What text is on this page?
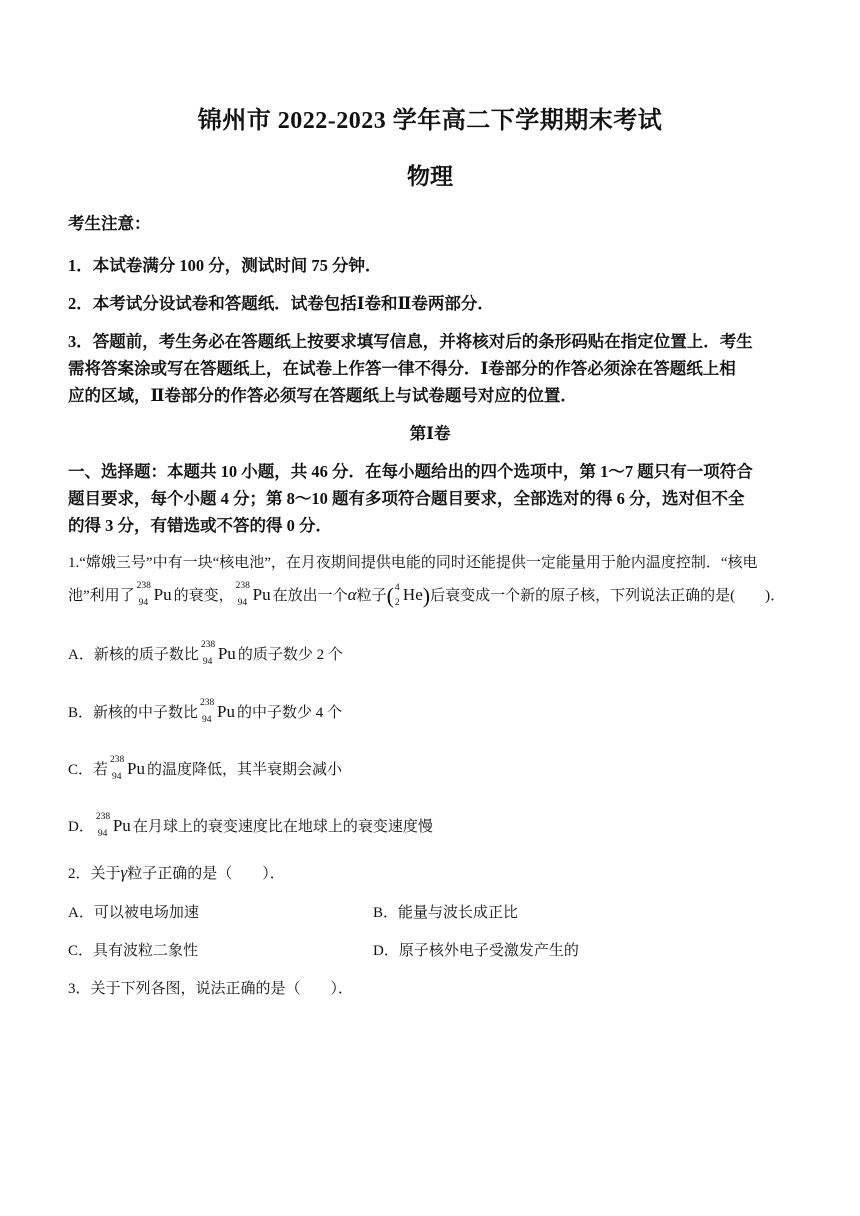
锦州市 2022-2023 学年高二下学期期末考试
物理
考生注意：
1．本试卷满分 100 分，测试时间 75 分钟．
2．本考试分设试卷和答题纸．试卷包括Ⅰ卷和Ⅱ卷两部分．
3．答题前，考生务必在答题纸上按要求填写信息，并将核对后的条形码贴在指定位置上．考生
需将答案涂或写在答题纸上，在试卷上作答一律不得分．Ⅰ卷部分的作答必须涂在答题纸上相
应的区域，Ⅱ卷部分的作答必须写在答题纸上与试卷题号对应的位置．
第Ⅰ卷
一、选择题：本题共 10 小题，共 46 分．在每小题给出的四个选项中，第 1～7 题只有一项符合
题目要求，每个小题 4 分；第 8～10 题有多项符合题目要求，全部选对的得 6 分，选对但不全
的得 3 分，有错选或不答的得 0 分．
1.“嫦娥三号”中有一块“核电池”，在月夜期间提供电能的同时还能提供一定能量用于舱内温度控制．“核电
池”利用了
238
94 Pu 的衰变，
238
94 Pu 在放出一个α粒子( 4
2 He)后衰变成一个新的原子核，下列说法正确的是(　　)．
A．新核的质子数比
238
94 Pu 的质子数少 2 个
B．新核的中子数比
238
94 Pu 的中子数少 4 个
C．若
238
94 Pu 的温度降低，其半衰期会减小
D．
238
94 Pu 在月球上的衰变速度比在地球上的衰变速度慢
2．关于γ粒子正确的是（　　）．
A．可以被电场加速	B．能量与波长成正比
C．具有波粒二象性	D．原子核外电子受激发产生的
3．关于下列各图，说法正确的是（　　）．
